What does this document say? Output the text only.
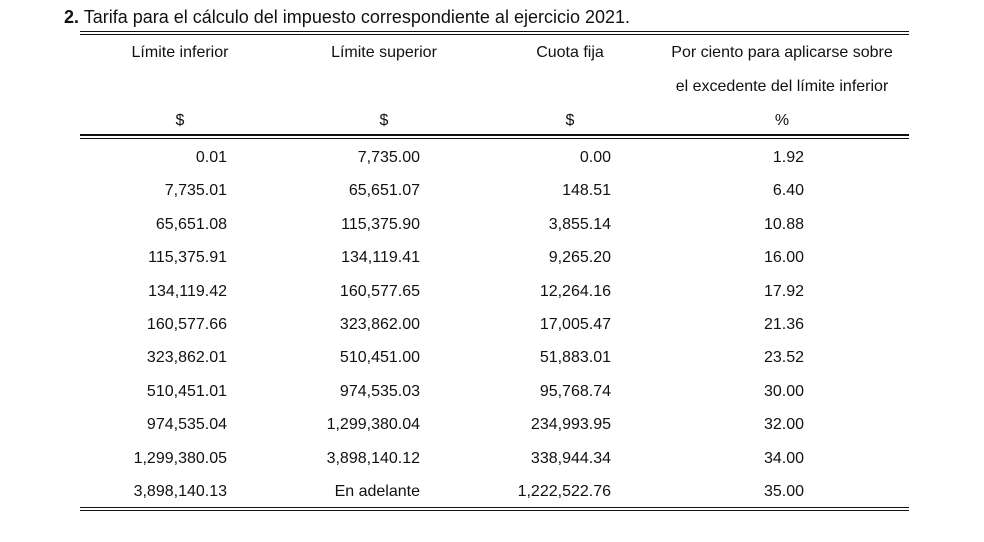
2. Tarifa para el cálculo del impuesto correspondiente al ejercicio 2021.
Límite inferior	Límite superior	Cuota fija	Por ciento para aplicarse sobre
el excedente del límite inferior
$	$	$	%
0.01	7,735.00	0.00	1.92
7,735.01	65,651.07	148.51	6.40
65,651.08	115,375.90	3,855.14	10.88
115,375.91	134,119.41	9,265.20	16.00
134,119.42	160,577.65	12,264.16	17.92
160,577.66	323,862.00	17,005.47	21.36
323,862.01	510,451.00	51,883.01	23.52
510,451.01	974,535.03	95,768.74	30.00
974,535.04	1,299,380.04	234,993.95	32.00
1,299,380.05	3,898,140.12	338,944.34	34.00
3,898,140.13	En adelante	1,222,522.76	35.00
